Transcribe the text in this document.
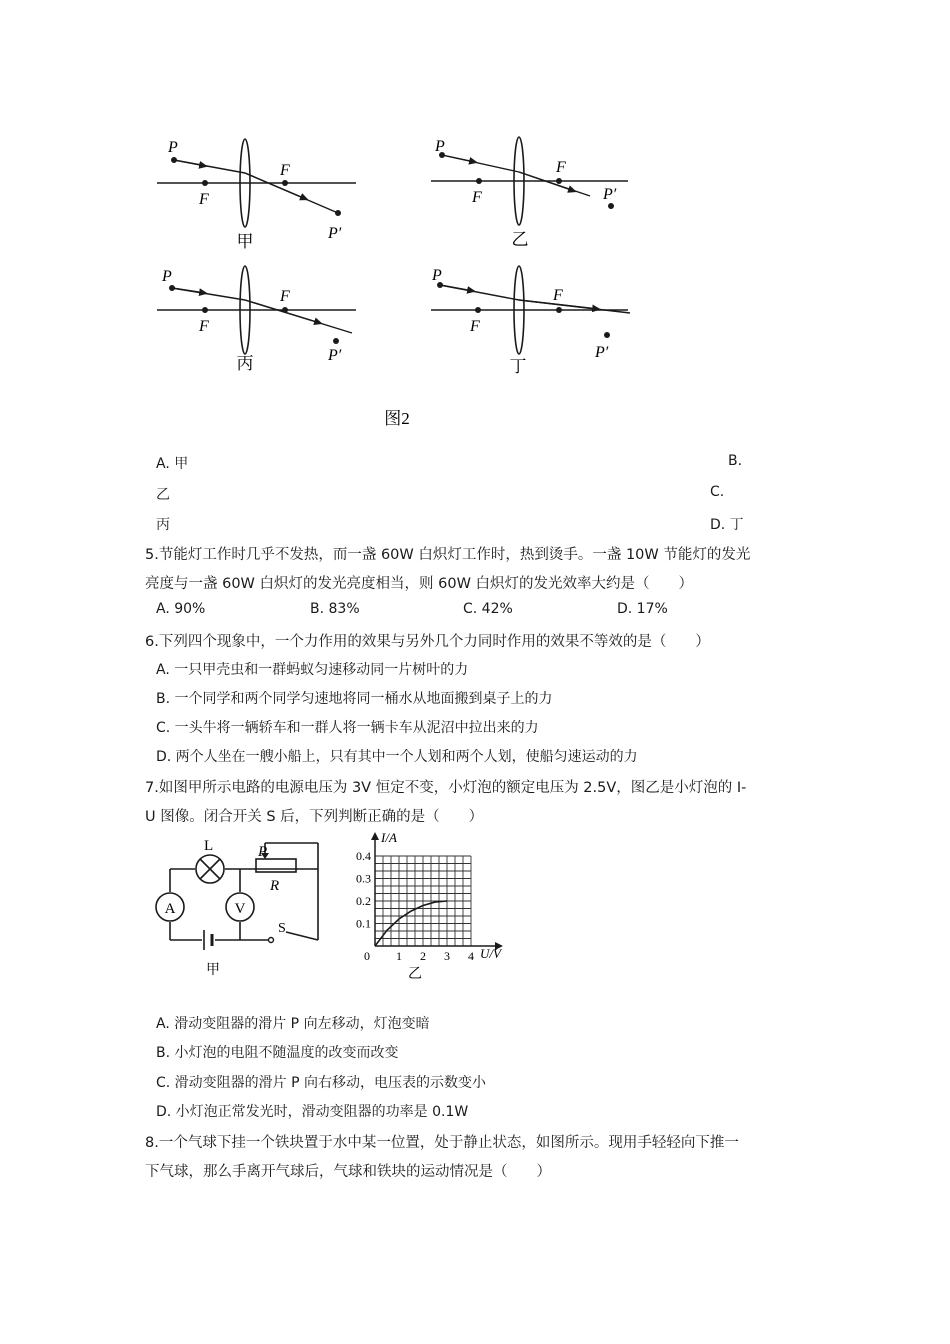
P
F
F
P′
甲
P
F
F
P′
乙
P
F
F
P′
丙
P
F
F
P′
丁
图2
A. 甲	B.
乙	C.
丙	D. 丁
5.节能灯工作时几乎不发热，而一盏 60W 白炽灯工作时，热到烫手。一盏 10W 节能灯的发光
亮度与一盏 60W 白炽灯的发光亮度相当，则 60W 白炽灯的发光效率大约是（　　）
A. 90%	B. 83%	C. 42%	D. 17%
6.下列四个现象中，一个力作用的效果与另外几个力同时作用的效果不等效的是（　　）
A. 一只甲壳虫和一群蚂蚁匀速移动同一片树叶的力
B. 一个同学和两个同学匀速地将同一桶水从地面搬到桌子上的力
C. 一头牛将一辆轿车和一群人将一辆卡车从泥沼中拉出来的力
D. 两个人坐在一艘小船上，只有其中一个人划和两个人划，使船匀速运动的力
7.如图甲所示电路的电源电压为 3V 恒定不变，小灯泡的额定电压为 2.5V，图乙是小灯泡的 I-
U 图像。闭合开关 S 后，下列判断正确的是（　　）
A	V
L	P
R
S
甲
0 1 2 3 4
0.1
0.2
0.3
0.4
I/A
U/V
乙
A. 滑动变阻器的滑片 P 向左移动，灯泡变暗
B. 小灯泡的电阻不随温度的改变而改变
C. 滑动变阻器的滑片 P 向右移动，电压表的示数变小
D. 小灯泡正常发光时，滑动变阻器的功率是 0.1W
8.一个气球下挂一个铁块置于水中某一位置，处于静止状态，如图所示。现用手轻轻向下推一
下气球，那么手离开气球后，气球和铁块的运动情况是（　　）
